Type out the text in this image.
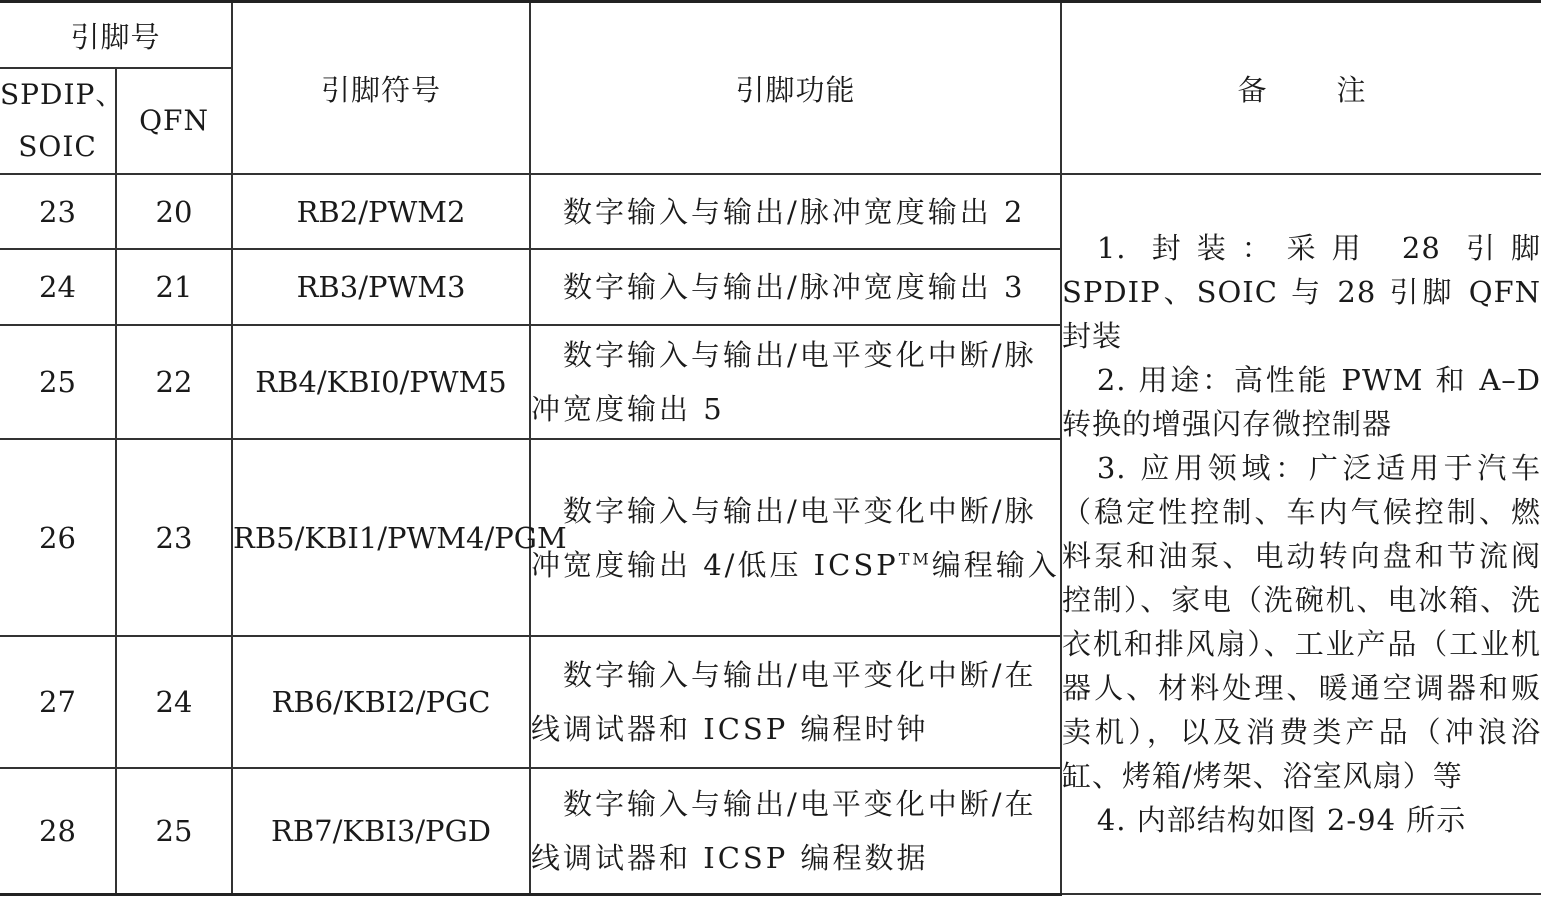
引脚号		引脚符号	引脚功能	备注
SPDIP、SOIC	QFN			
23	20	RB2/PWM2	数字输入与输出/脉冲宽度输出 2	1. 封装：采用 28 引脚 SPDIP、SOIC 与 28 引脚 QFN 封装

2. 用途：高性能 PWM 和 A–D 转换的增强闪存微控制器

3. 应用领域：广泛适用于汽车（稳定性控制、车内气候控制、燃料泵和油泵、电动转向盘和节流阀控制）、家电（洗碗机、电冰箱、洗衣机和排风扇）、工业产品（工业机器人、材料处理、暖通空调器和贩卖机），以及消费类产品（冲浪浴缸、烤箱/烤架、浴室风扇）等

4. 内部结构如图 2-94 所示

24	21	RB3/PWM3	数字输入与输出/脉冲宽度输出 3	
25	22	RB4/KBI0/PWM5	数字输入与输出/电平变化中断/脉冲宽度输出 5	
26	23	RB5/KBI1/PWM4/PGM	数字输入与输出/电平变化中断/脉冲宽度输出 4/低压 ICSP™编程输入	
27	24	RB6/KBI2/PGC	数字输入与输出/电平变化中断/在线调试器和 ICSP 编程时钟	
28	25	RB7/KBI3/PGD	数字输入与输出/电平变化中断/在线调试器和 ICSP 编程数据	
